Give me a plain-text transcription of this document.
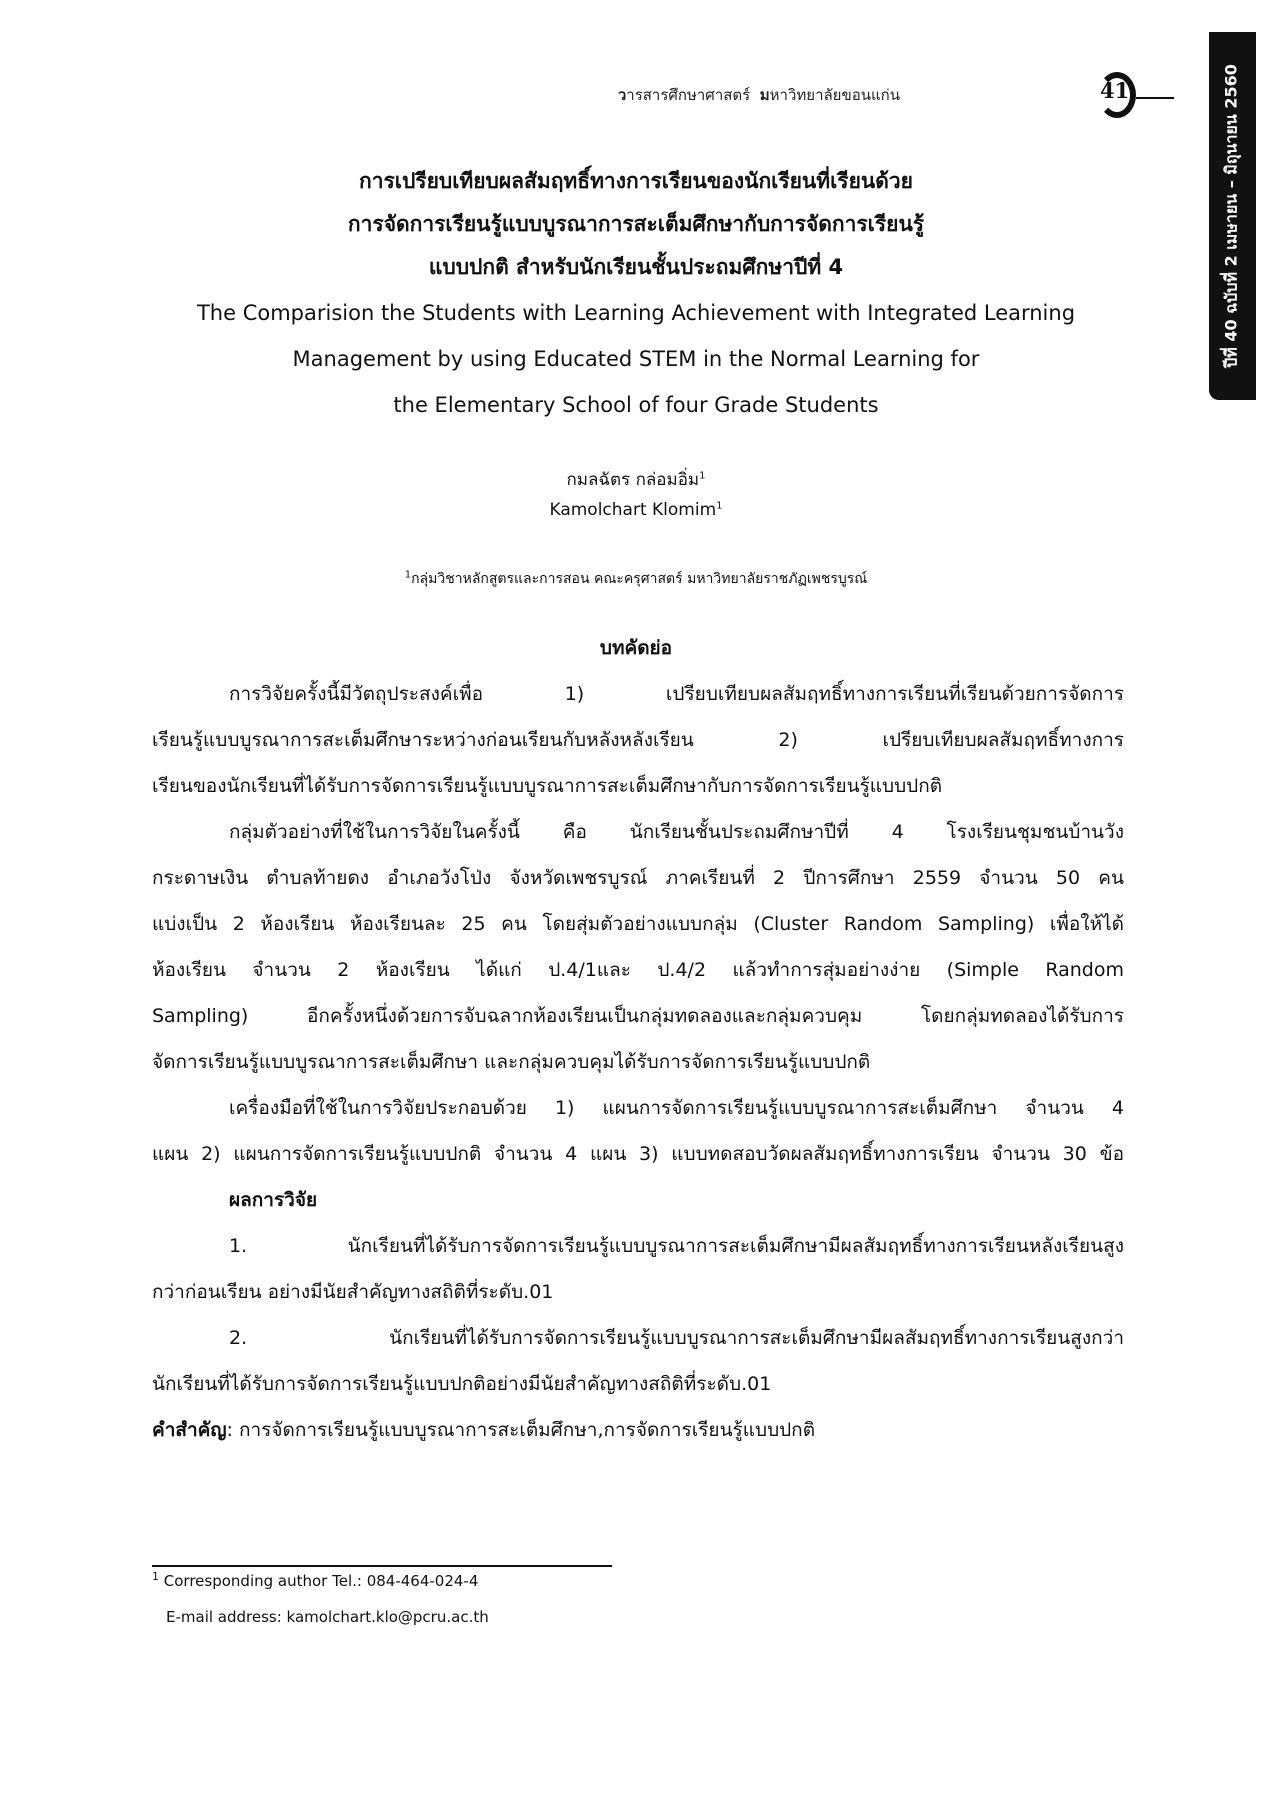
วารสารศึกษาศาสตร์ มหาวิทยาลัยขอนแก่น	41	ปีที่ 40 ฉบับที่ 2 เมษายน – มิถุนายน 2560
การเปรียบเทียบผลสัมฤทธิ์ทางการเรียนของนักเรียนที่เรียนด้วย
การจัดการเรียนรู้แบบบูรณาการสะเต็มศึกษากับการจัดการเรียนรู้
แบบปกติ สำหรับนักเรียนชั้นประถมศึกษาปีที่ 4
The Comparision the Students with Learning Achievement with Integrated Learning
Management by using Educated STEM in the Normal Learning for
the Elementary School of four Grade Students
กมลฉัตร กล่อมอิ่ม$^1$
Kamolchart Klomim$^1$
$^1$กลุ่มวิชาหลักสูตรและการสอน คณะครุศาสตร์ มหาวิทยาลัยราชภัฏเพชรบูรณ์
บทคัดย่อ
การวิจัยครั้งนี้มีวัตถุประสงค์เพื่อ 1) เปรียบเทียบผลสัมฤทธิ์ทางการเรียนที่เรียนด้วยการจัดการ
เรียนรู้แบบบูรณาการสะเต็มศึกษาระหว่างก่อนเรียนกับหลังหลังเรียน 2) เปรียบเทียบผลสัมฤทธิ์ทางการ
เรียนของนักเรียนที่ได้รับการจัดการเรียนรู้แบบบูรณาการสะเต็มศึกษากับการจัดการเรียนรู้แบบปกติ
กลุ่มตัวอย่างที่ใช้ในการวิจัยในครั้งนี้ คือ นักเรียนชั้นประถมศึกษาปีที่ 4 โรงเรียนชุมชนบ้านวัง
กระดาษเงิน ตำบลท้ายดง อำเภอวังโป่ง จังหวัดเพชรบูรณ์ ภาคเรียนที่ 2 ปีการศึกษา 2559 จำนวน 50 คน
แบ่งเป็น 2 ห้องเรียน ห้องเรียนละ 25 คน โดยสุ่มตัวอย่างแบบกลุ่ม (Cluster Random Sampling) เพื่อให้ได้
ห้องเรียน จำนวน 2 ห้องเรียน ได้แก่ ป.4/1และ ป.4/2 แล้วทำการสุ่มอย่างง่าย (Simple Random
Sampling) อีกครั้งหนึ่งด้วยการจับฉลากห้องเรียนเป็นกลุ่มทดลองและกลุ่มควบคุม โดยกลุ่มทดลองได้รับการ
จัดการเรียนรู้แบบบูรณาการสะเต็มศึกษา และกลุ่มควบคุมได้รับการจัดการเรียนรู้แบบปกติ
เครื่องมือที่ใช้ในการวิจัยประกอบด้วย 1) แผนการจัดการเรียนรู้แบบบูรณาการสะเต็มศึกษา จำนวน 4
แผน 2) แผนการจัดการเรียนรู้แบบปกติ จำนวน 4 แผน 3) แบบทดสอบวัดผลสัมฤทธิ์ทางการเรียน จำนวน 30 ข้อ
ผลการวิจัย
1. นักเรียนที่ได้รับการจัดการเรียนรู้แบบบูรณาการสะเต็มศึกษามีผลสัมฤทธิ์ทางการเรียนหลังเรียนสูง
กว่าก่อนเรียน อย่างมีนัยสำคัญทางสถิติที่ระดับ.01
2. นักเรียนที่ได้รับการจัดการเรียนรู้แบบบูรณาการสะเต็มศึกษามีผลสัมฤทธิ์ทางการเรียนสูงกว่า
นักเรียนที่ได้รับการจัดการเรียนรู้แบบปกติอย่างมีนัยสำคัญทางสถิติที่ระดับ.01
คำสำคัญ: การจัดการเรียนรู้แบบบูรณาการสะเต็มศึกษา,การจัดการเรียนรู้แบบปกติ
$^1$ Corresponding author Tel.: 084-464-024-4
E-mail address: kamolchart.klo@pcru.ac.th
